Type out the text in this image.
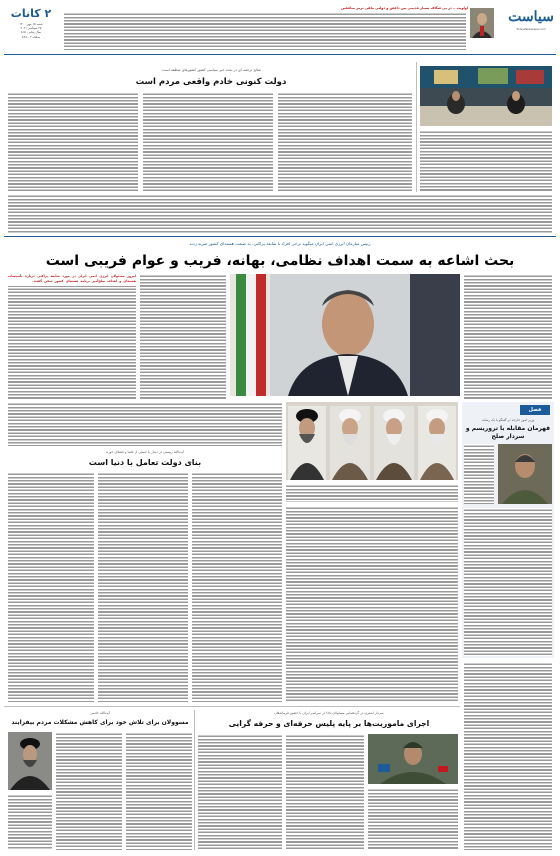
سیاست
TodaysNewspaper.com
اولویت ــ در پی شکاف بسیار قدیمی بین داعش و دولتی ماهی ترمز منافقین
۲ کانات
شنبه ۱۵ مهر ۱۴۰۰
۲۸ سپتامبر ۲۰۲۱
سال پنجم - ۸۱۵
صفحه ۲ - ۸۹۸
صالح ترجمه ای در بحث خبر سیاسی کشور کشورهای منطقه است.
دولت کنونی خادم واقعی مردم است
رییس سازمان انرژی اتمی ایران میگوید برخی افراد با شایعه پراکنی، به صنعت هسته‌ای کشور ضربه زدند
بحث اشاعه به سمت اهداف نظامی، بهانه، فریب و عوام فریبی است
امروز مسئولان انرژی اتمی ایران در مورد شایعه پراکنی درباره تأسیسات هسته‌ای و اهداف صلح‌آمیز برنامه هسته‌ای کشور سخن گفتند.
فصل
وزیر امور خارجه در گفتگو با یک رسانه
قهرمان مقابله با تروریسم و سردار صلح
آیت‌الله رییسی در دیدار با جمعی از علما و فضلای حوزه
بنای دولت تعامل با دنیا است
سردار اشتری در گردهمایی مسئولان ناجا در سراسر ایران با حضور فرماندهان
اجرای ماموریت‌ها بر پایه پلیس حرفه‌ای و حرفه گرایی
آیت‌الله خاتمی
مسوولان برای تلاش خود برای کاهش مشکلات مردم بیفزایند
